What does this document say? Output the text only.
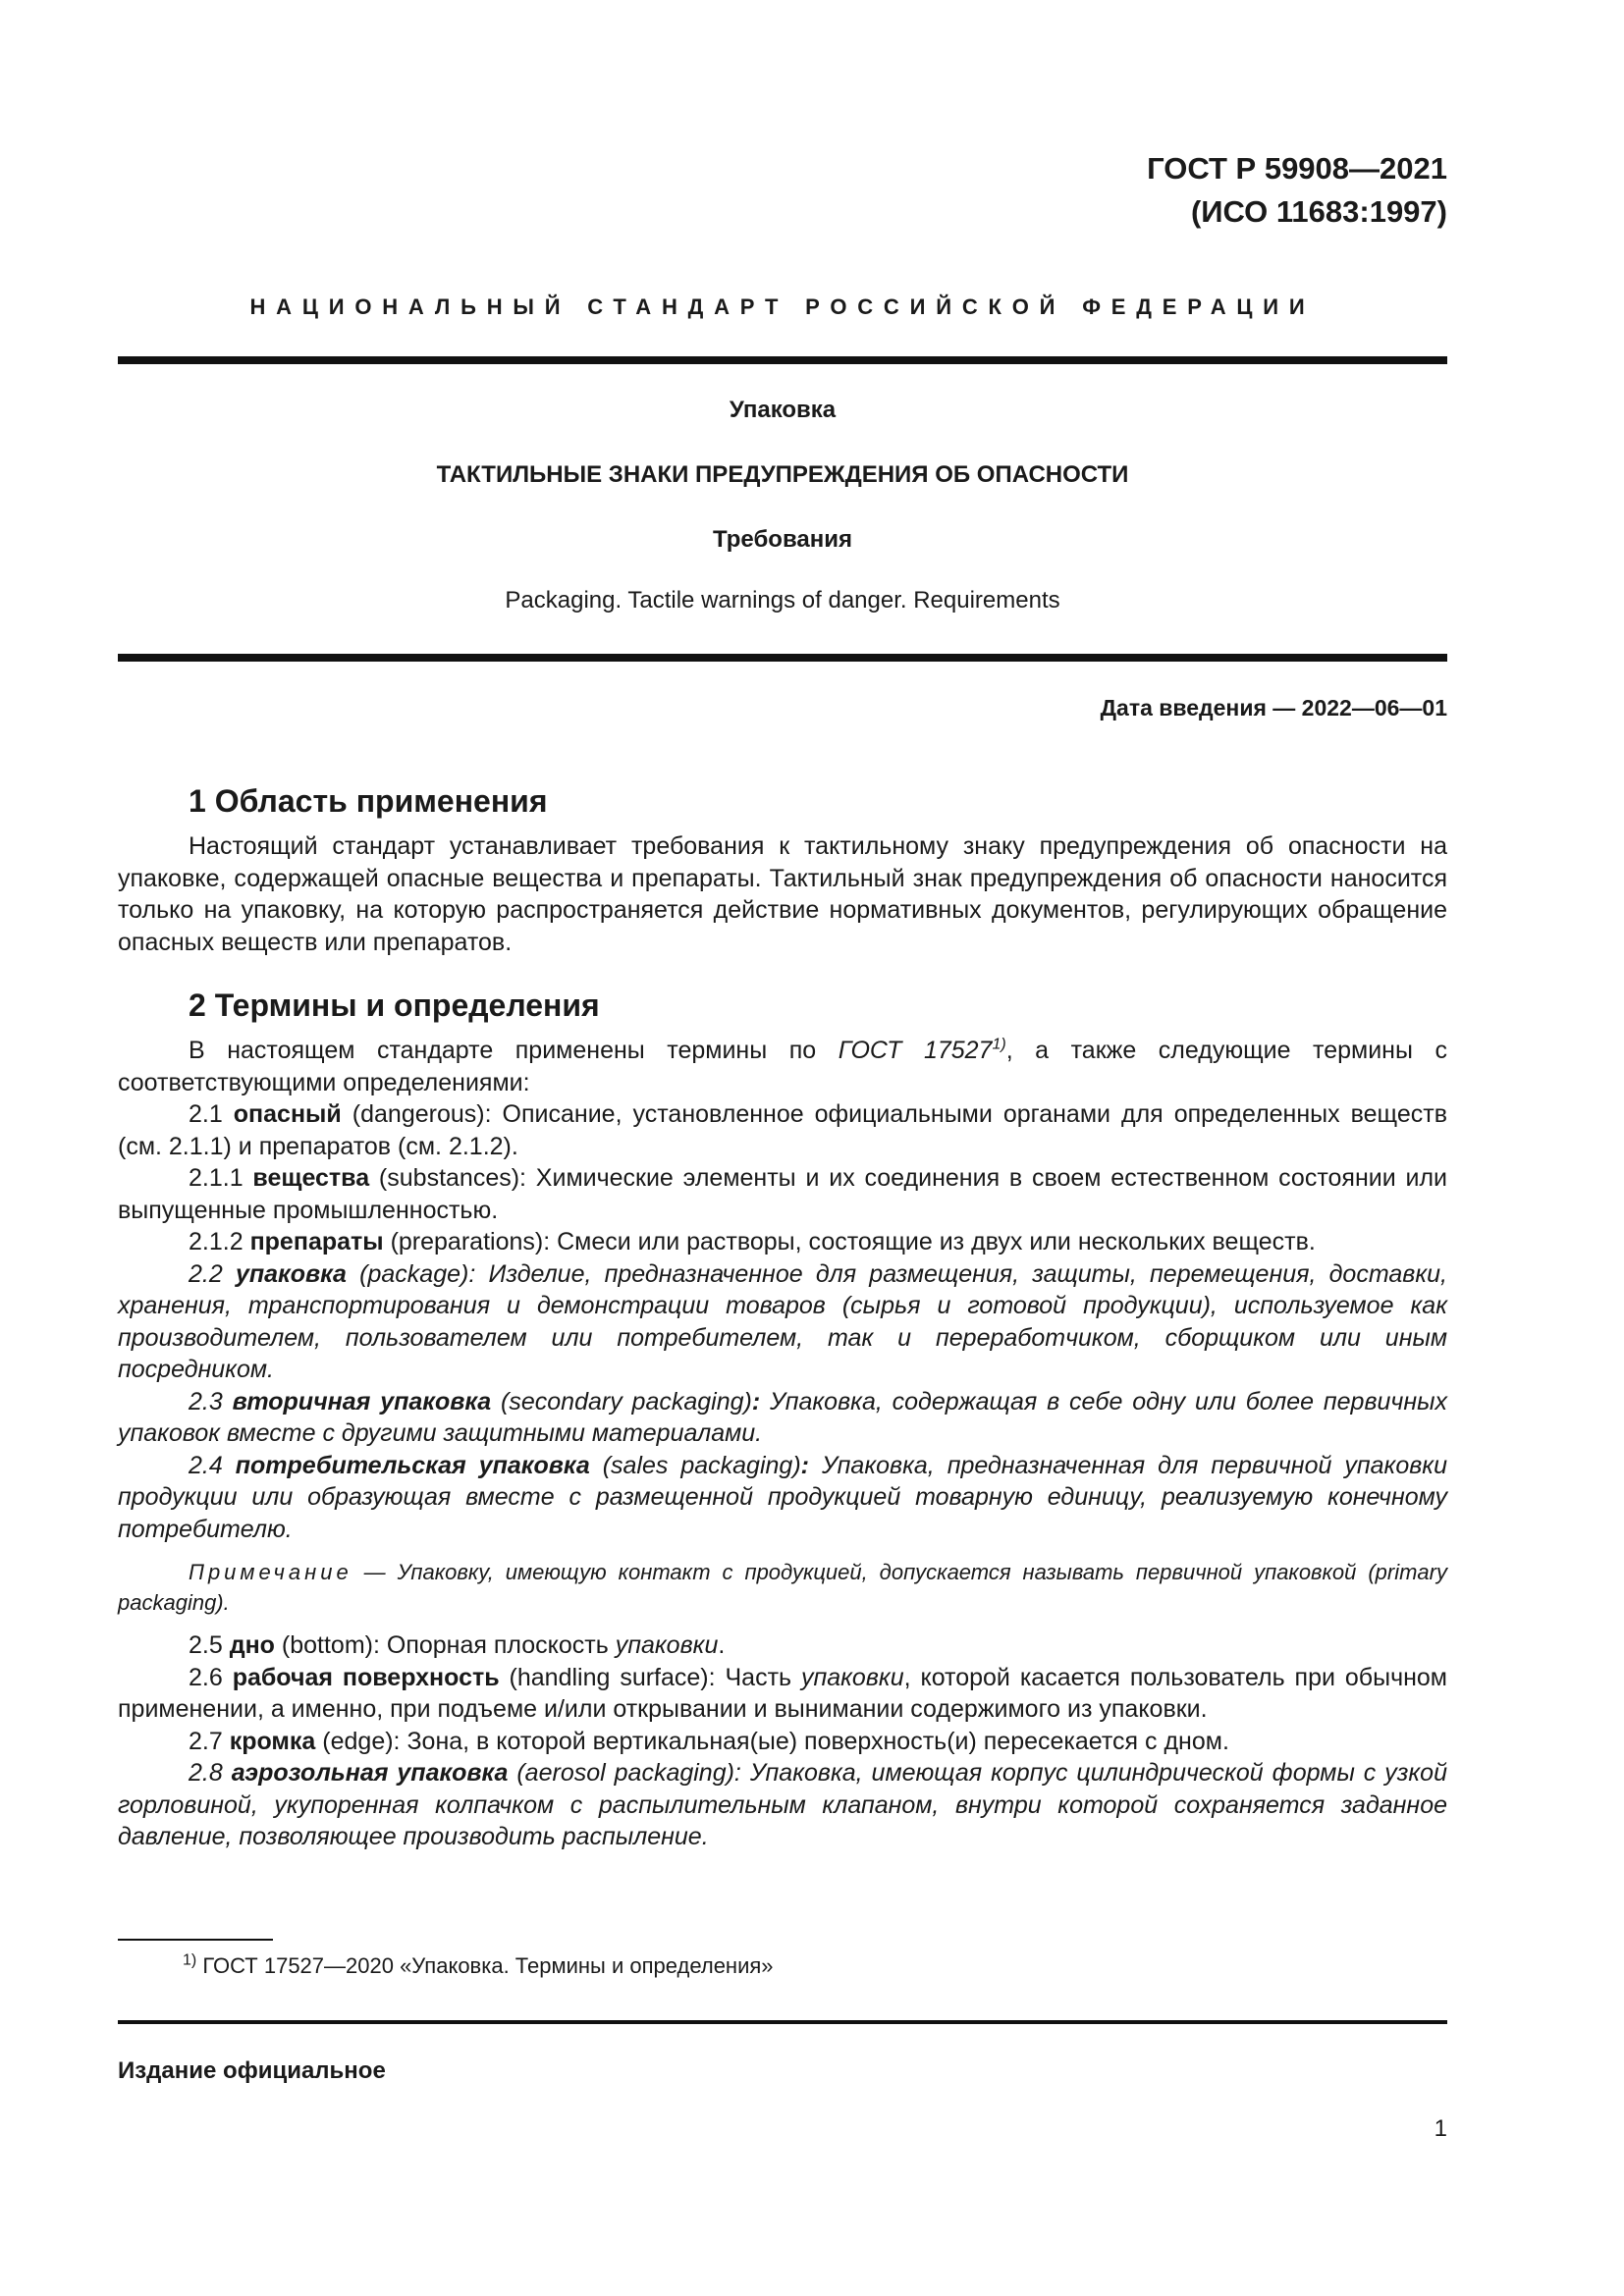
ГОСТ Р 59908—2021
(ИСО 11683:1997)
НАЦИОНАЛЬНЫЙ СТАНДАРТ РОССИЙСКОЙ ФЕДЕРАЦИИ
Упаковка
ТАКТИЛЬНЫЕ ЗНАКИ ПРЕДУПРЕЖДЕНИЯ ОБ ОПАСНОСТИ
Требования
Packaging. Tactile warnings of danger. Requirements
Дата введения — 2022—06—01
1 Область применения

Настоящий стандарт устанавливает требования к тактильному знаку предупреждения об опасности на упаковке, содержащей опасные вещества и препараты. Тактильный знак предупреждения об опасности наносится только на упаковку, на которую распространяется действие нормативных документов, регулирующих обращение опасных веществ или препаратов.

2 Термины и определения

В настоящем стандарте применены термины по ГОСТ 17527$^{1)}$, а также следующие термины с соответствующими определениями:

2.1 опасный (dangerous): Описание, установленное официальными органами для определенных веществ (см. 2.1.1) и препаратов (см. 2.1.2).

2.1.1 вещества (substances): Химические элементы и их соединения в своем естественном состоянии или выпущенные промышленностью.

2.1.2 препараты (preparations): Смеси или растворы, состоящие из двух или нескольких веществ.

2.2 упаковка (package): Изделие, предназначенное для размещения, защиты, перемещения, доставки, хранения, транспортирования и демонстрации товаров (сырья и готовой продукции), используемое как производителем, пользователем или потребителем, так и переработчиком, сборщиком или иным посредником.

2.3 вторичная упаковка (secondary packaging): Упаковка, содержащая в себе одну или более первичных упаковок вместе с другими защитными материалами.

2.4 потребительская упаковка (sales packaging): Упаковка, предназначенная для первичной упаковки продукции или образующая вместе с размещенной продукцией товарную единицу, реализуемую конечному потребителю.

Примечание — Упаковку, имеющую контакт с продукцией, допускается называть первичной упаковкой (primary packaging).

2.5 дно (bottom): Опорная плоскость упаковки.

2.6 рабочая поверхность (handling surface): Часть упаковки, которой касается пользователь при обычном применении, а именно, при подъеме и/или открывании и вынимании содержимого из упаковки.

2.7 кромка (edge): Зона, в которой вертикальная(ые) поверхность(и) пересекается с дном.

2.8 аэрозольная упаковка (aerosol packaging): Упаковка, имеющая корпус цилиндрической формы с узкой горловиной, укупоренная колпачком с распылительным клапаном, внутри которой сохраняется заданное давление, позволяющее производить распыление.

$^{1)}$ ГОСТ 17527—2020 «Упаковка. Термины и определения»
Издание официальное
1
